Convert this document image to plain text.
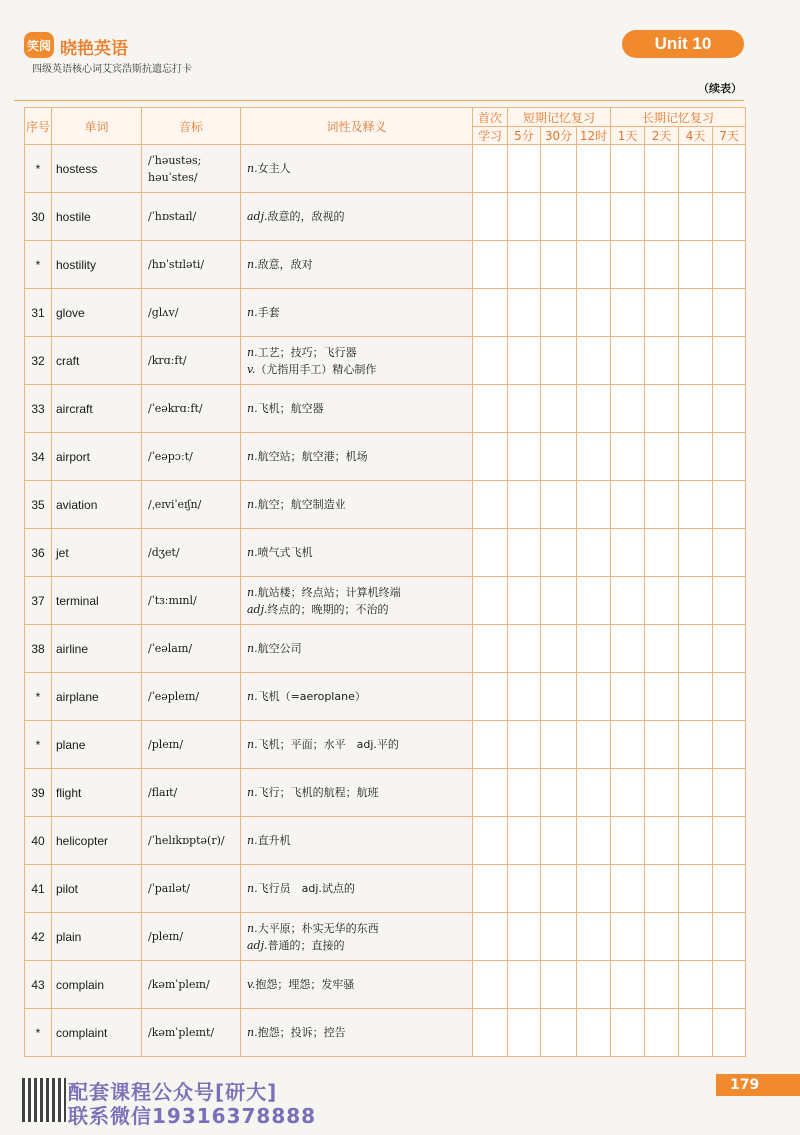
笑阅 晓艳英语
四级英语核心词艾宾浩斯抗遗忘打卡
Unit 10
（续表）
序号	单词	音标	词性及释义	首次	短期记忆复习			长期记忆复习			
				学习	5分	30分	12时	1天	2天	4天	7天
*	hostess	/ˈhəustəs;
həuˈstes/	n.女主人								

30	hostile	/ˈhɒstaɪl/	adj.敌意的，敌视的								

*	hostility	/hɒˈstɪləti/	n.敌意，敌对								

31	glove	/glʌv/	n.手套								

32	craft	/krɑːft/	n.工艺；技巧；飞行器
v.（尤指用手工）精心制作								

33	aircraft	/ˈeəkrɑːft/	n.飞机；航空器								

34	airport	/ˈeəpɔːt/	n.航空站；航空港；机场								

35	aviation	/ˌeɪviˈeɪʃn/	n.航空；航空制造业								

36	jet	/dʒet/	n.喷气式飞机								

37	terminal	/ˈtɜːmɪnl/	n.航站楼；终点站；计算机终端
adj.终点的；晚期的；不治的								

38	airline	/ˈeəlaɪn/	n.航空公司								

*	airplane	/ˈeəpleɪn/	n.飞机（=aeroplane）								

*	plane	/pleɪn/	n.飞机；平面；水平　adj.平的								

39	flight	/flaɪt/	n.飞行；飞机的航程；航班								

40	helicopter	/ˈhelɪkɒptə(r)/	n.直升机								

41	pilot	/ˈpaɪlət/	n.飞行员　adj.试点的								

42	plain	/pleɪn/	n.大平原；朴实无华的东西
adj.普通的；直接的								

43	complain	/kəmˈpleɪn/	v.抱怨；埋怨；发牢骚								

*	complaint	/kəmˈpleɪnt/	n.抱怨；投诉；控告								

配套课程公众号[研大]
联系微信19316378888
179
